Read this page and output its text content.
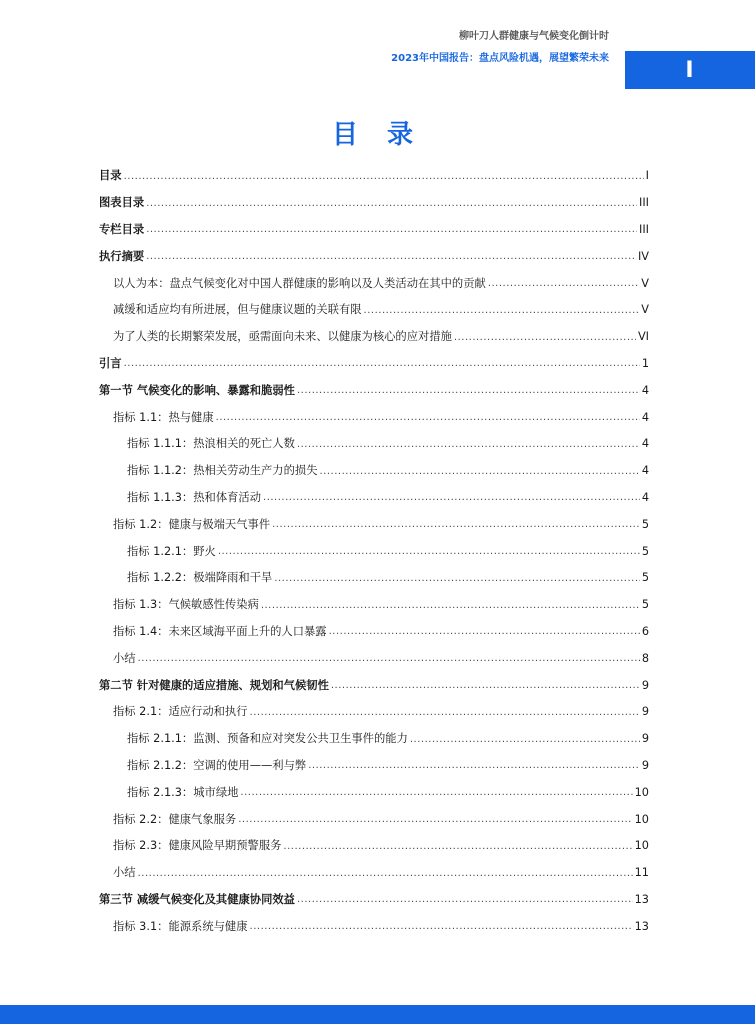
柳叶刀人群健康与气候变化倒计时
2023年中国报告：盘点风险机遇，展望繁荣未来	I
目 录
目录 .....	I
图表目录 .....	III
专栏目录 .....	III
执行摘要 .....	IV
以人为本：盘点气候变化对中国人群健康的影响以及人类活动在其中的贡献 .....	V
减缓和适应均有所进展，但与健康议题的关联有限 .....	V
为了人类的长期繁荣发展，亟需面向未来、以健康为核心的应对措施 .....	VI
引言 .....	1
第一节 气候变化的影响、暴露和脆弱性 .....	4
指标 1.1：热与健康 .....	4
指标 1.1.1：热浪相关的死亡人数 .....	4
指标 1.1.2：热相关劳动生产力的损失 .....	4
指标 1.1.3：热和体育活动 .....	4
指标 1.2：健康与极端天气事件 .....	5
指标 1.2.1：野火 .....	5
指标 1.2.2：极端降雨和干旱 .....	5
指标 1.3：气候敏感性传染病 .....	5
指标 1.4：未来区域海平面上升的人口暴露 .....	6
小结 .....	8
第二节 针对健康的适应措施、规划和气候韧性 .....	9
指标 2.1：适应行动和执行 .....	9
指标 2.1.1：监测、预备和应对突发公共卫生事件的能力 .....	9
指标 2.1.2：空调的使用——利与弊 .....	9
指标 2.1.3：城市绿地 .....	10
指标 2.2：健康气象服务 .....	10
指标 2.3：健康风险早期预警服务 .....	10
小结 .....	11
第三节 减缓气候变化及其健康协同效益 .....	13
指标 3.1：能源系统与健康 .....	13
